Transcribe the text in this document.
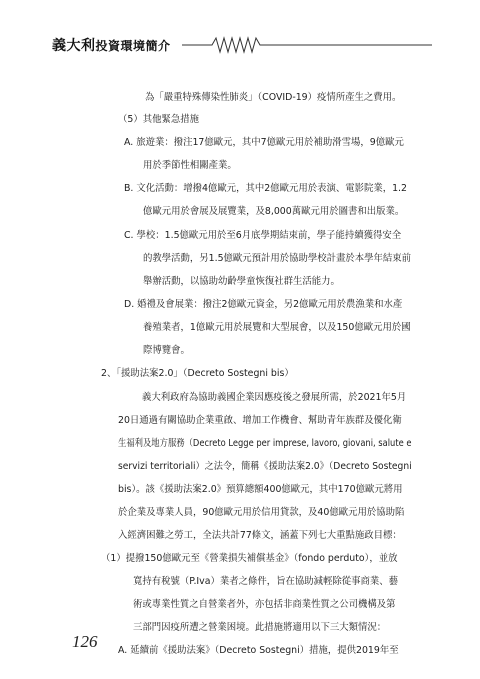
義大利投資環境簡介
為「嚴重特殊傳染性肺炎」（COVID-19）疫情所產生之費用。
（5）其他緊急措施
A. 旅遊業：撥注17億歐元，其中7億歐元用於補助滑雪場，9億歐元
用於季節性相關產業。
B. 文化活動：增撥4億歐元，其中2億歐元用於表演、電影院業，1.2
億歐元用於會展及展覽業，及8,000萬歐元用於圖書和出版業。
C. 學校：1.5億歐元用於至6月底學期結束前，學子能持續獲得安全
的教學活動，另1.5億歐元預計用於協助學校計畫於本學年結束前
舉辦活動，以協助幼齡學童恢復社群生活能力。
D. 婚禮及會展業：撥注2億歐元資金，另2億歐元用於農漁業和水產
養殖業者，1億歐元用於展覽和大型展會，以及150億歐元用於國
際博覽會。
2、「援助法案2.0」（Decreto Sostegni bis）
義大利政府為協助義國企業因應疫後之發展所需，於2021年5月
20日通過有關協助企業重啟、增加工作機會、幫助青年族群及優化衛
生福利及地方服務（Decreto Legge per imprese, lavoro, giovani, salute e
servizi territoriali）之法令，簡稱《援助法案2.0》（Decreto Sostegni
bis）。該《援助法案2.0》預算總額400億歐元，其中170億歐元將用
於企業及專業人員，90億歐元用於信用貸款，及40億歐元用於協助陷
入經濟困難之勞工，全法共計77條文，涵蓋下列七大重點施政目標：
（1）提撥150億歐元至《營業損失補償基金》（fondo perduto），並放
寬持有稅號（P.Iva）業者之條件，旨在協助減輕除從事商業、藝
術或專業性質之自營業者外，亦包括非商業性質之公司機構及第
三部門因疫所遭之營業困境。此措施將適用以下三大類情況：
A. 延續前《援助法案》（Decreto Sostegni）措施，提供2019年至
126
